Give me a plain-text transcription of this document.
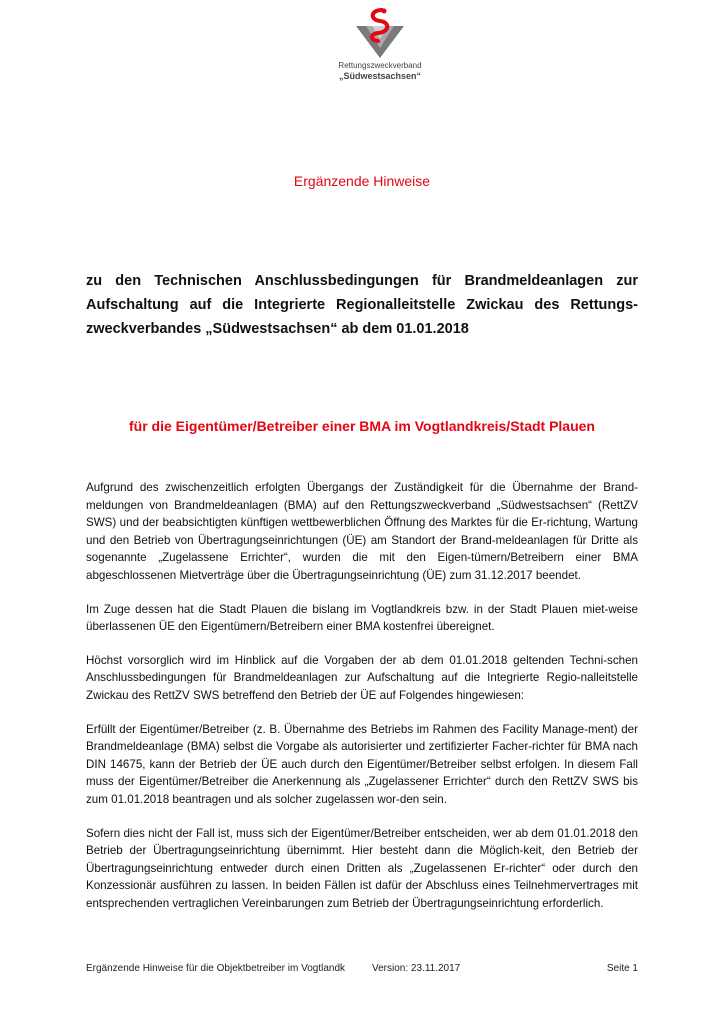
Rettungszweckverband
„Südwestsachsen“
Ergänzende Hinweise
zu den Technischen Anschlussbedingungen für Brandmeldeanlagen zur Aufschaltung auf die Integrierte Regionalleitstelle Zwickau des Rettungs-zweckverbandes „Südwestsachsen“ ab dem 01.01.2018
für die Eigentümer/Betreiber einer BMA im Vogtlandkreis/Stadt Plauen

Aufgrund des zwischenzeitlich erfolgten Übergangs der Zuständigkeit für die Übernahme der Brand-meldungen von Brandmeldeanlagen (BMA) auf den Rettungszweckverband „Südwestsachsen“ (RettZV SWS) und der beabsichtigten künftigen wettbewerblichen Öffnung des Marktes für die Er-richtung, Wartung und den Betrieb von Übertragungseinrichtungen (ÜE) am Standort der Brand-meldeanlagen für Dritte als sogenannte „Zugelassene Errichter“, wurden die mit den Eigen-tümern/Betreibern einer BMA abgeschlossenen Mietverträge über die Übertragungseinrichtung (ÜE) zum 31.12.2017 beendet.

Im Zuge dessen hat die Stadt Plauen die bislang im Vogtlandkreis bzw. in der Stadt Plauen miet-weise überlassenen ÜE den Eigentümern/Betreibern einer BMA kostenfrei übereignet.

Höchst vorsorglich wird im Hinblick auf die Vorgaben der ab dem 01.01.2018 geltenden Techni-schen Anschlussbedingungen für Brandmeldeanlagen zur Aufschaltung auf die Integrierte Regio-nalleitstelle Zwickau des RettZV SWS betreffend den Betrieb der ÜE auf Folgendes hingewiesen:

Erfüllt der Eigentümer/Betreiber (z. B. Übernahme des Betriebs im Rahmen des Facility Manage-ment) der Brandmeldeanlage (BMA) selbst die Vorgabe als autorisierter und zertifizierter Facher-richter für BMA nach DIN 14675, kann der Betrieb der ÜE auch durch den Eigentümer/Betreiber selbst erfolgen. In diesem Fall muss der Eigentümer/Betreiber die Anerkennung als „Zugelassener Errichter“ durch den RettZV SWS bis zum 01.01.2018 beantragen und als solcher zugelassen wor-den sein.

Sofern dies nicht der Fall ist, muss sich der Eigentümer/Betreiber entscheiden, wer ab dem 01.01.2018 den Betrieb der Übertragungseinrichtung übernimmt. Hier besteht dann die Möglich-keit, den Betrieb der Übertragungseinrichtung entweder durch einen Dritten als „Zugelassenen Er-richter“ oder durch den Konzessionär ausführen zu lassen. In beiden Fällen ist dafür der Abschluss eines Teilnehmervertrages mit entsprechenden vertraglichen Vereinbarungen zum Betrieb der Übertragungseinrichtung erforderlich.

Ergänzende Hinweise für die Objektbetreiber im Vogtlandk	Version: 23.11.2017	Seite 1
